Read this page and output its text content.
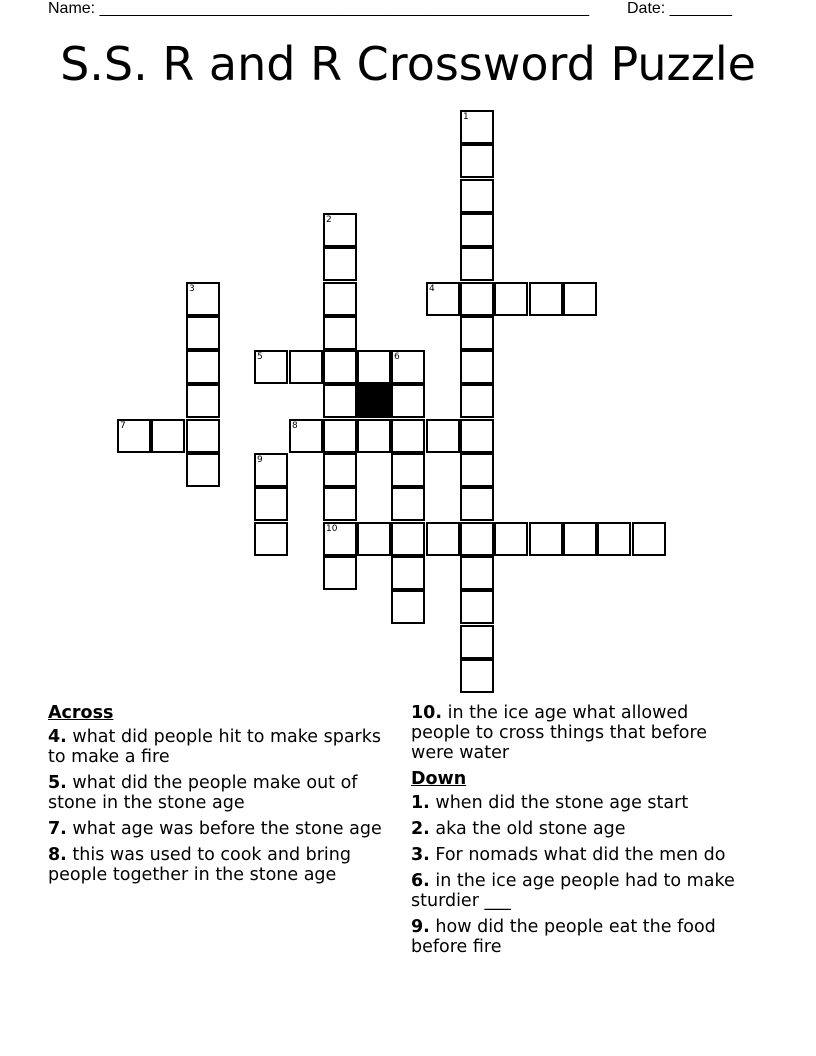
Name: _______________________________________________________ Date: _______
S.S. R and R Crossword Puzzle
1
2
10
3	4
5	6
7	8
9
Across
4. what did people hit to make sparks to make a fire
5. what did the people make out of stone in the stone age
7. what age was before the stone age
8. this was used to cook and bring people together in the stone age
10. in the ice age what allowed people to cross things that before were water
Down
1. when did the stone age start
2. aka the old stone age
3. For nomads what did the men do
6. in the ice age people had to make sturdier ___
9. how did the people eat the food before fire
